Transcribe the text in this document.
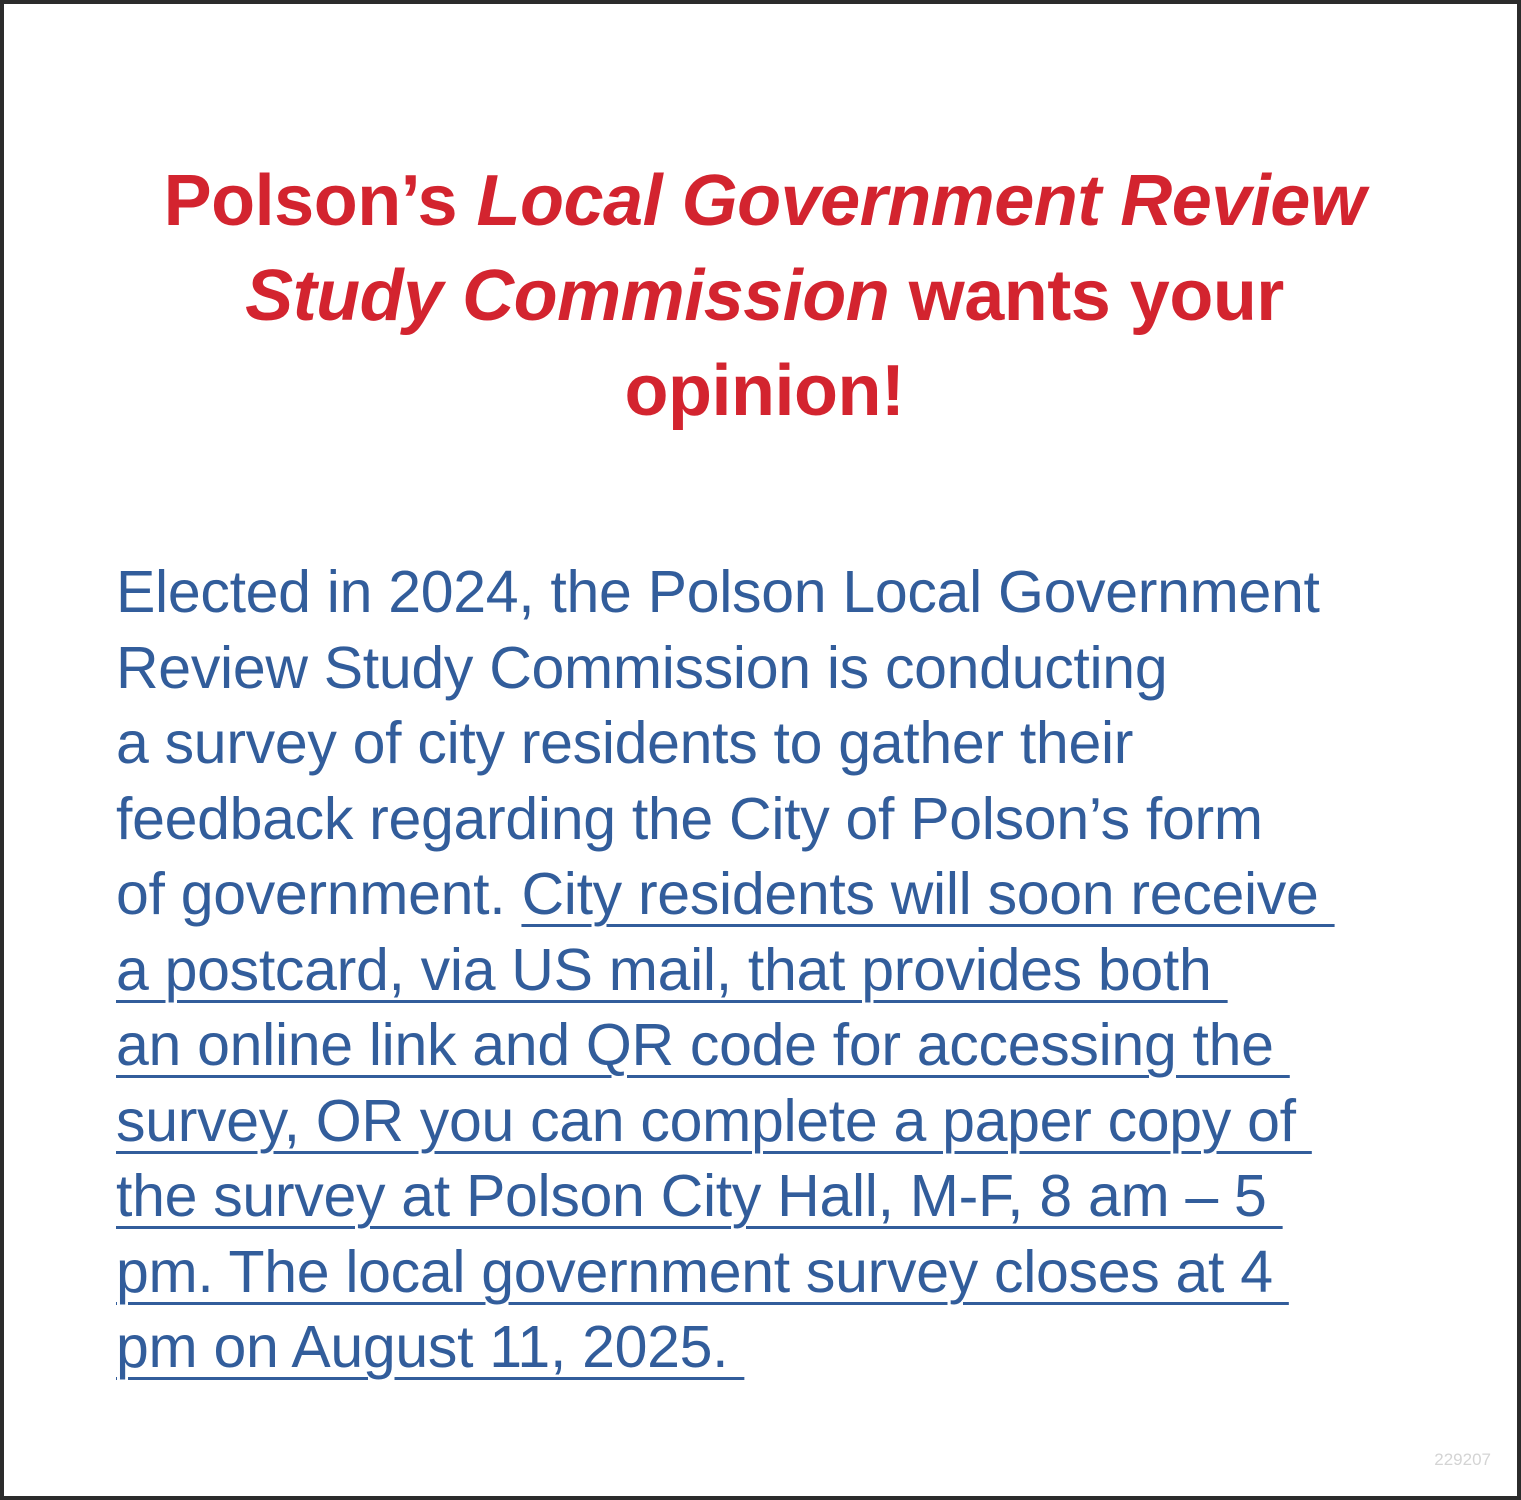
Polson’s Local Government Review
Study Commission wants your
opinion!
Elected in 2024, the Polson Local Government
Review Study Commission is conducting
a survey of city residents to gather their
feedback regarding the City of Polson’s form
of government. City residents will soon receive
a postcard, via US mail, that provides both
an online link and QR code for accessing the
survey, OR you can complete a paper copy of
the survey at Polson City Hall, M-F, 8 am – 5
pm. The local government survey closes at 4
pm on August 11, 2025.
229207
